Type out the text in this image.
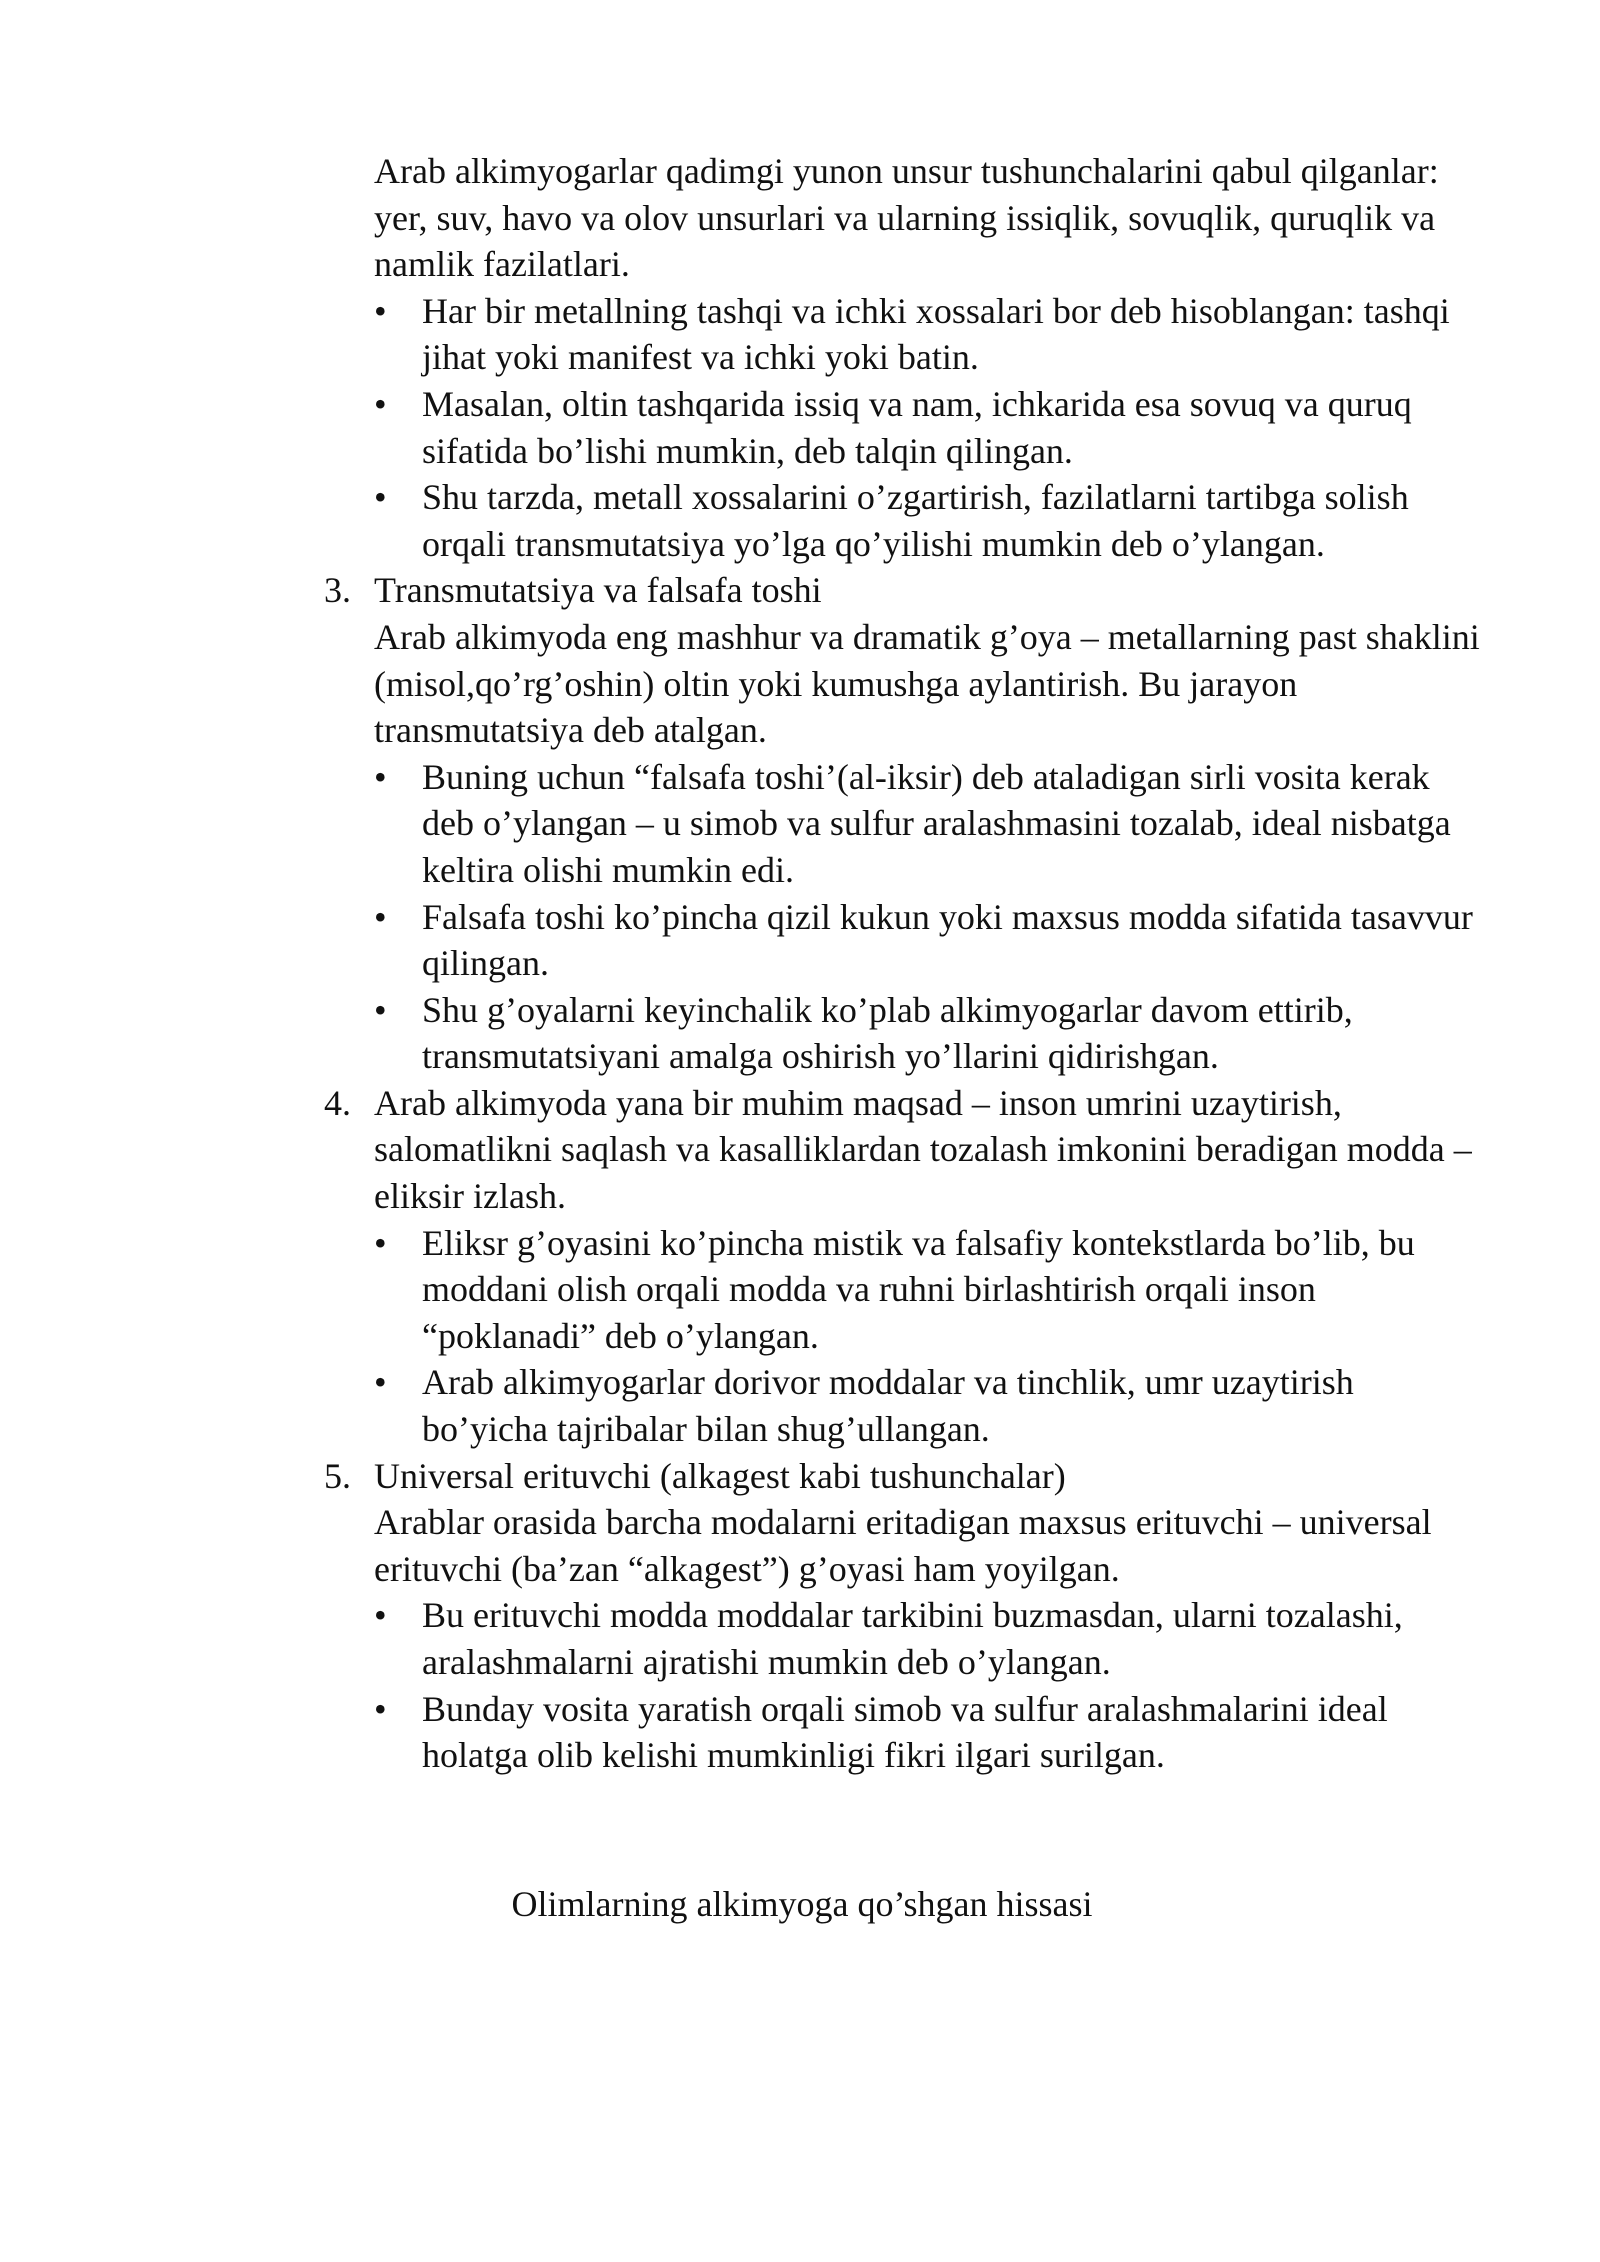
Arab alkimyogarlar qadimgi yunon unsur tushunchalarini qabul qilganlar: yer, suv, havo va olov unsurlari va ularning issiqlik, sovuqlik, quruqlik va namlik fazilatlari.

• Har bir metallning tashqi va ichki xossalari bor deb hisoblangan: tashqi jihat yoki manifest va ichki yoki batin.
• Masalan, oltin tashqarida issiq va nam, ichkarida esa sovuq va quruq sifatida bo’lishi mumkin, deb talqin qilingan.
• Shu tarzda, metall xossalarini o’zgartirish, fazilatlarni tartibga solish orqali transmutatsiya yo’lga qo’yilishi mumkin deb o’ylangan.
3. Transmutatsiya va falsafa toshi
Arab alkimyoda eng mashhur va dramatik g’oya – metallarning past shaklini (misol,qo’rg’oshin) oltin yoki kumushga aylantirish. Bu jarayon transmutatsiya deb atalgan.
• Buning uchun “falsafa toshi’(al-iksir) deb ataladigan sirli vosita kerak deb o’ylangan – u simob va sulfur aralashmasini tozalab, ideal nisbatga keltira olishi mumkin edi.
• Falsafa toshi ko’pincha qizil kukun yoki maxsus modda sifatida tasavvur qilingan.
• Shu g’oyalarni keyinchalik ko’plab alkimyogarlar davom ettirib, transmutatsiyani amalga oshirish yo’llarini qidirishgan.
4. Arab alkimyoda yana bir muhim maqsad – inson umrini uzaytirish, salomatlikni saqlash va kasalliklardan tozalash imkonini beradigan modda – eliksir izlash.
• Eliksr g’oyasini ko’pincha mistik va falsafiy kontekstlarda bo’lib, bu moddani olish orqali modda va ruhni birlashtirish orqali inson “poklanadi” deb o’ylangan.
• Arab alkimyogarlar dorivor moddalar va tinchlik, umr uzaytirish bo’yicha tajribalar bilan shug’ullangan.
5. Universal erituvchi (alkagest kabi tushunchalar)
Arablar orasida barcha modalarni eritadigan maxsus erituvchi – universal erituvchi (ba’zan “alkagest”) g’oyasi ham yoyilgan.
• Bu erituvchi modda moddalar tarkibini buzmasdan, ularni tozalashi, aralashmalarni ajratishi mumkin deb o’ylangan.
• Bunday vosita yaratish orqali simob va sulfur aralashmalarini ideal holatga olib kelishi mumkinligi fikri ilgari surilgan.
Olimlarning alkimyoga qo’shgan hissasi
